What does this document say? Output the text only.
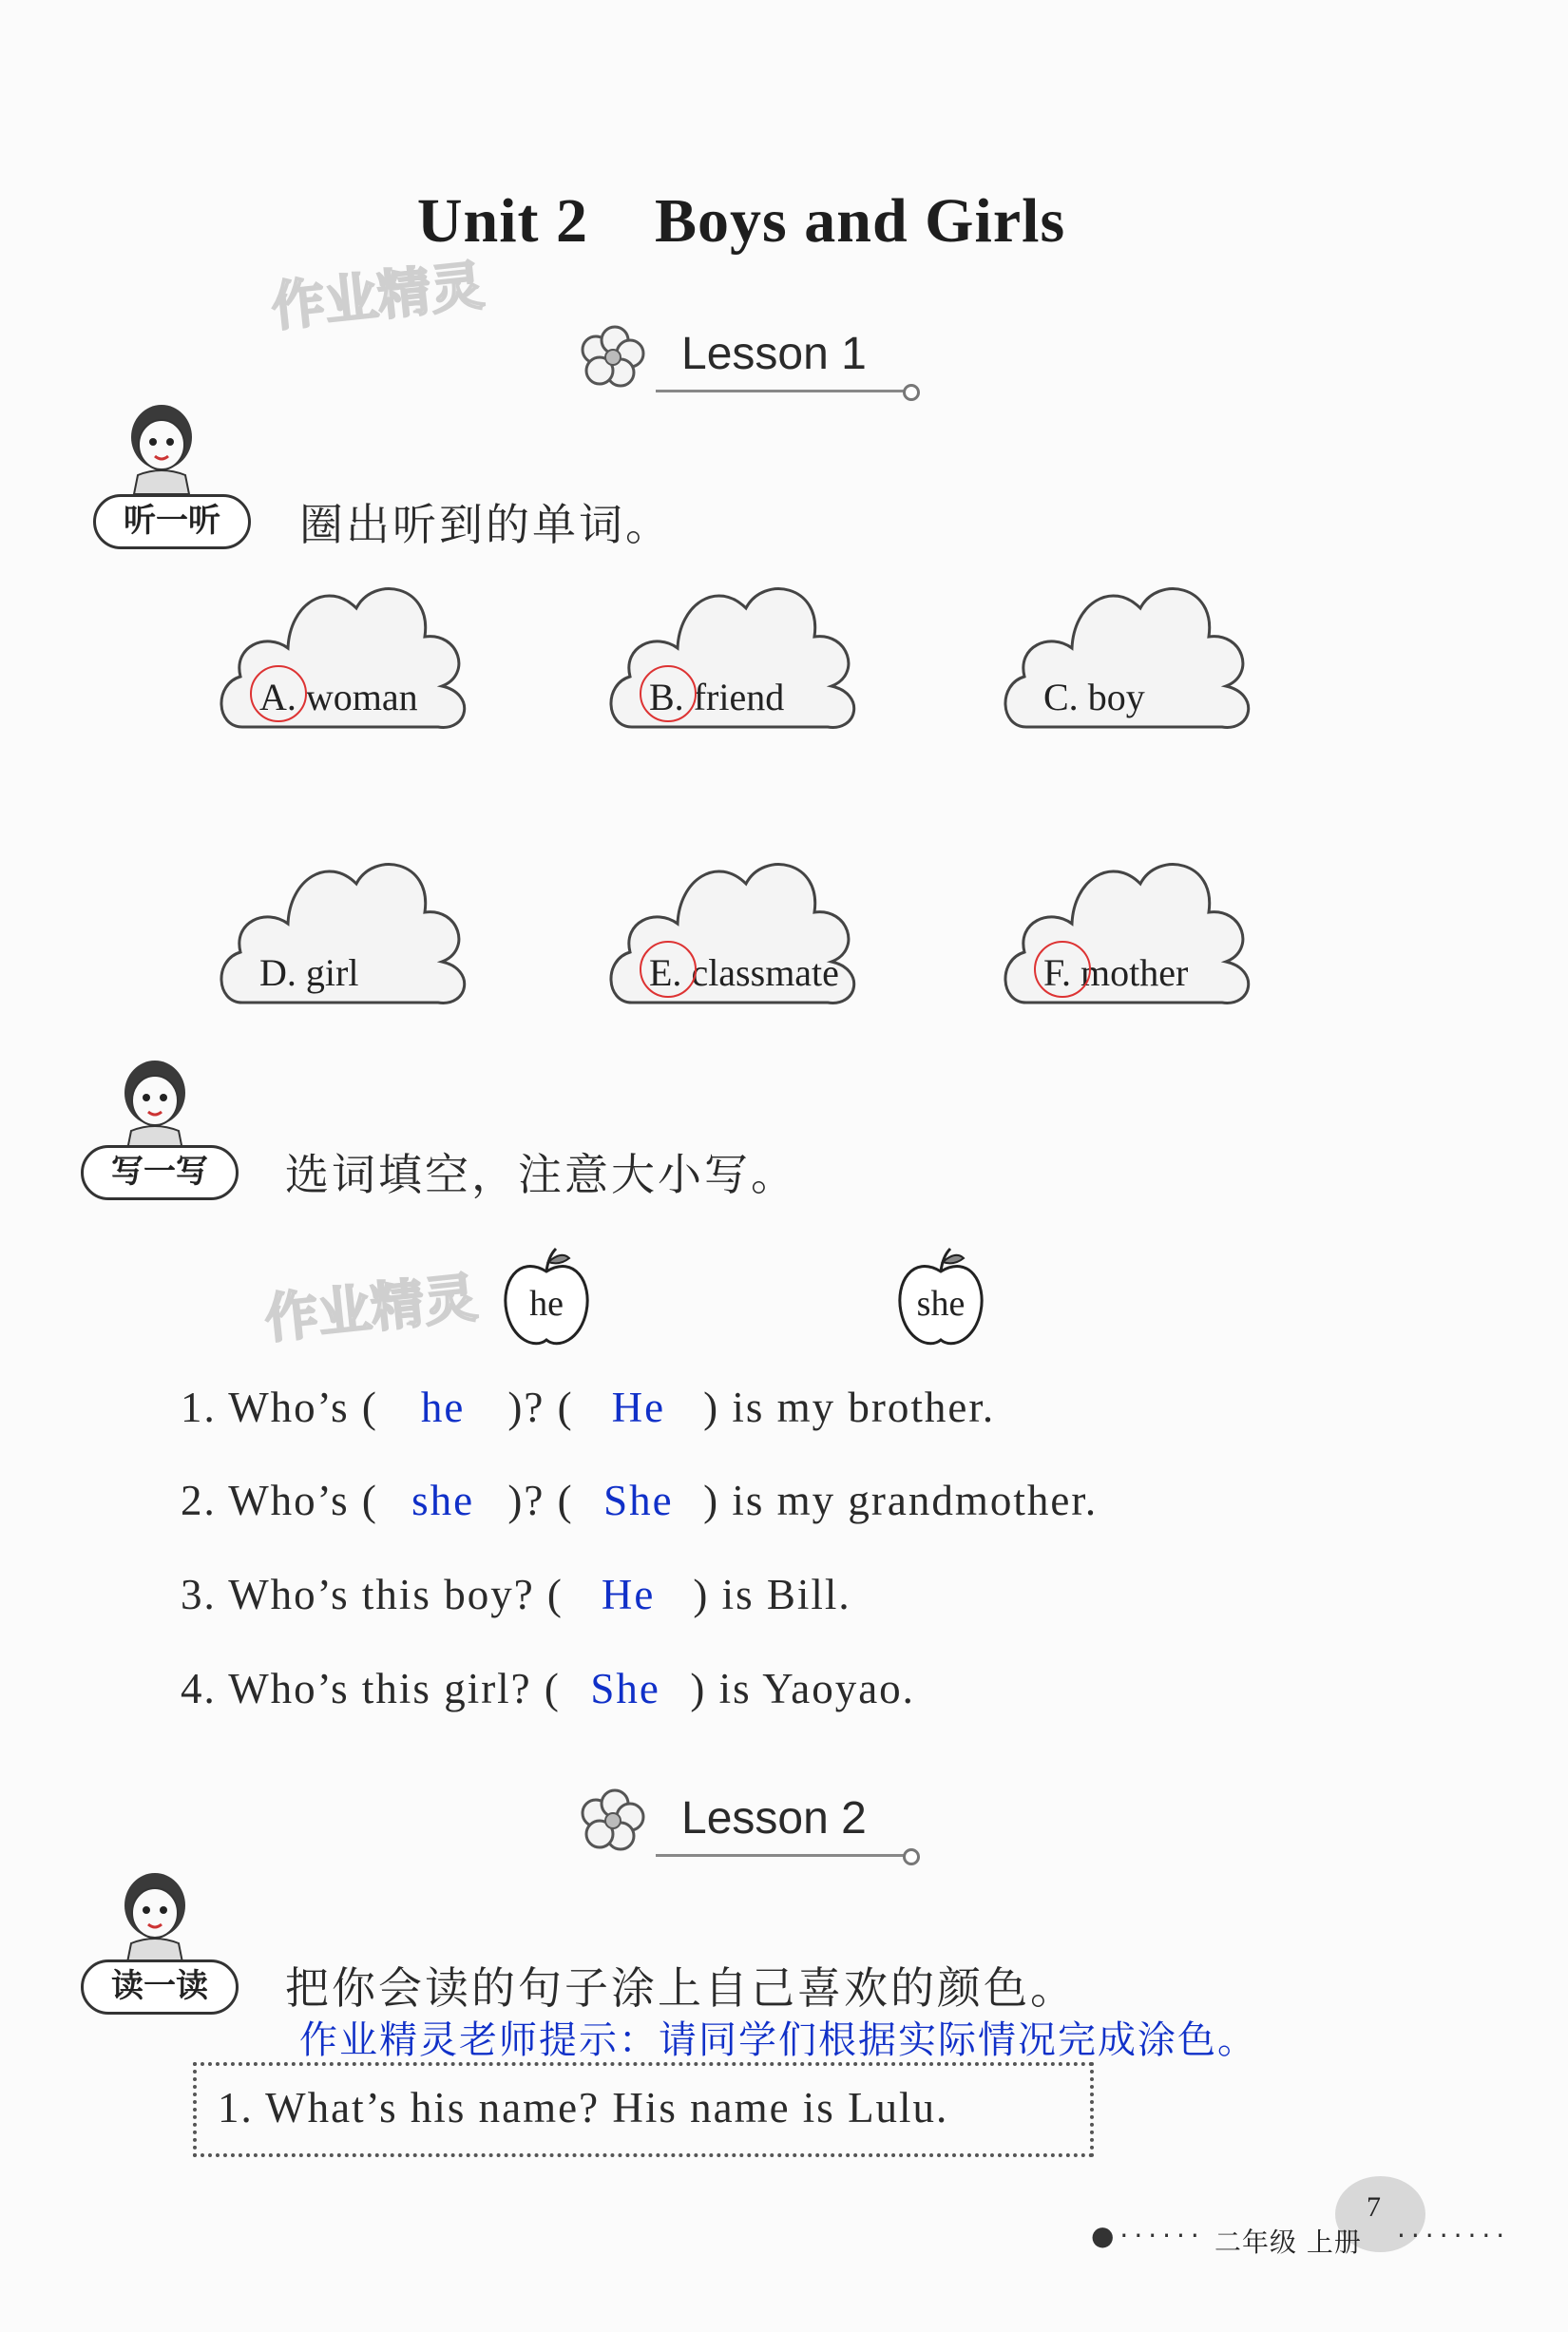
Unit 2 Boys and Girls
作业精灵
作业精灵
Lesson 1
听一听	圈出听到的单词。
A. woman	B. friend	C. boy
D. girl	E. classmate	F. mother
写一写	选词填空，注意大小写。
he	she
1. Who’s ( he )? ( He ) is my brother.
2. Who’s ( she )? ( She ) is my grandmother.
3. Who’s this boy? ( He ) is Bill.
4. Who’s this girl? ( She ) is Yaoyao.
Lesson 2
读一读	把你会读的句子涂上自己喜欢的颜色。
作业精灵老师提示：请同学们根据实际情况完成涂色。
1. What’s his name? His name is Lulu.
7
●······ 二年级 上册 ········
